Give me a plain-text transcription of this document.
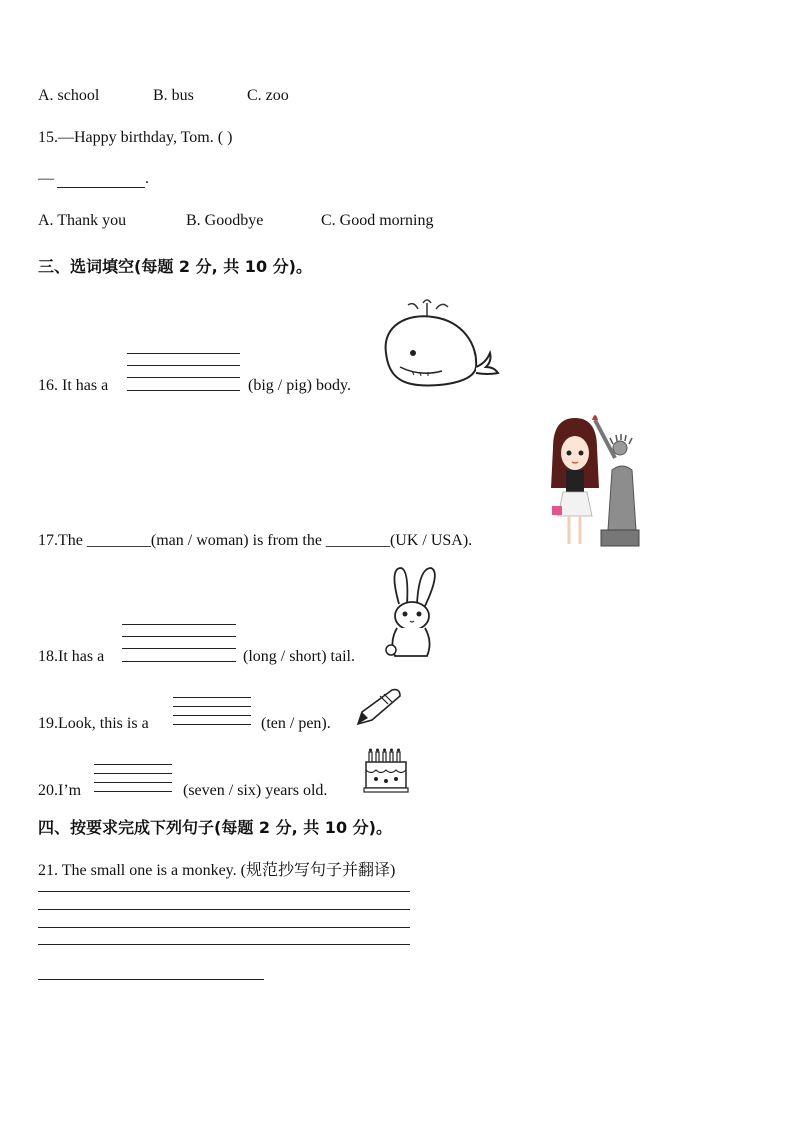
A. school	B. bus	C. zoo
15.—Happy birthday, Tom. ( )
—	.
A. Thank you	B. Goodbye	C. Good morning
三、选词填空(每题 2 分, 共 10 分)。
16. It has a	(big / pig) body.
17.The ________(man / woman) is from the ________(UK / USA).
18.It has a	(long / short) tail.
19.Look, this is a	(ten / pen).
20.I’m	(seven / six) years old.
四、按要求完成下列句子(每题 2 分, 共 10 分)。
21. The small one is a monkey. (规范抄写句子并翻译)
